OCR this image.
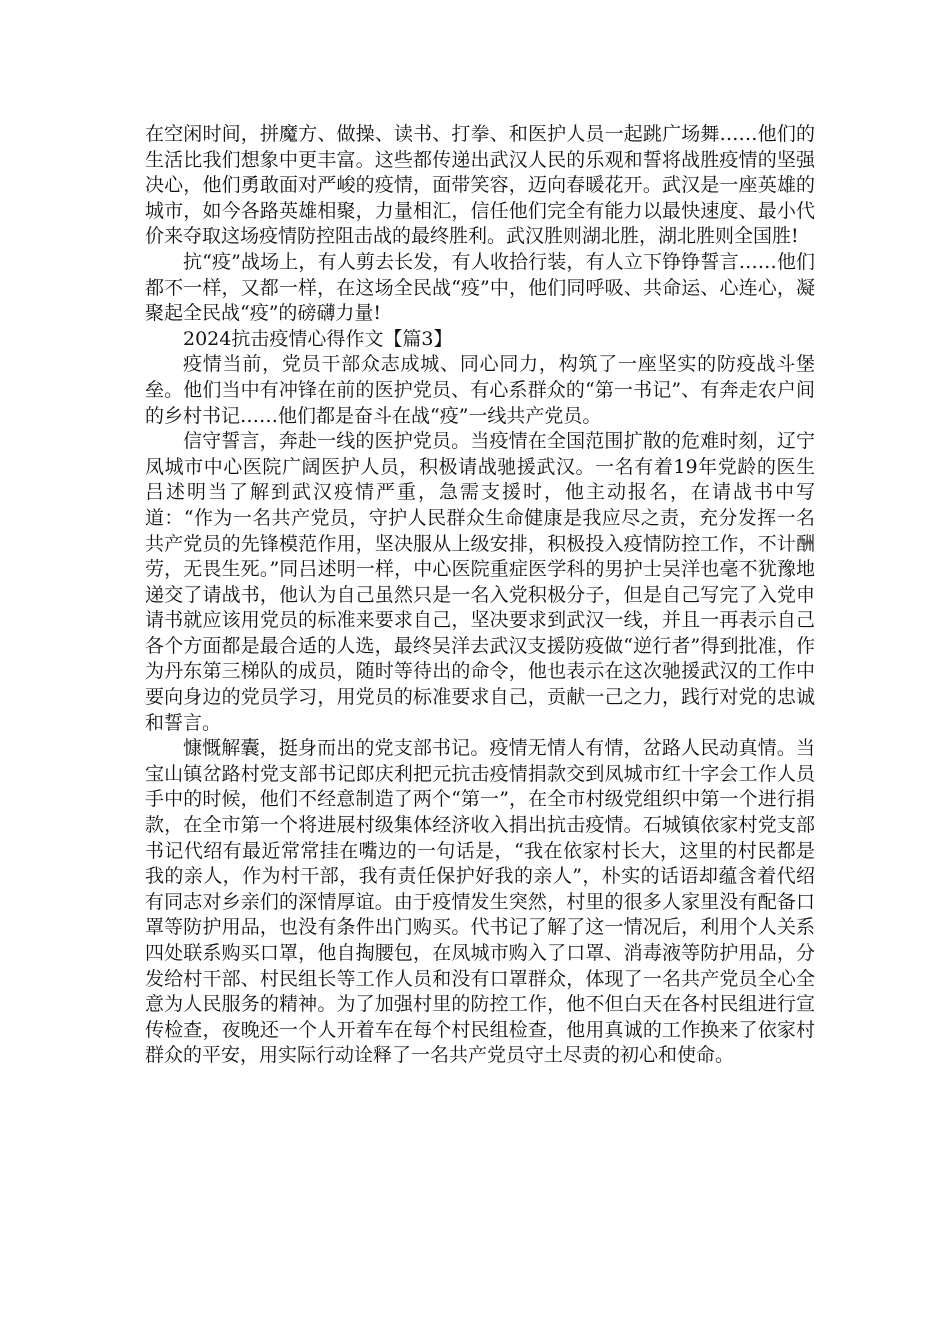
在空闲时间，拼魔方、做操、读书、打拳、和医护人员一起跳广场舞……他们的生活比我们想象中更丰富。这些都传递出武汉人民的乐观和誓将战胜疫情的坚强决心，他们勇敢面对严峻的疫情，面带笑容，迈向春暖花开。武汉是一座英雄的城市，如今各路英雄相聚，力量相汇，信任他们完全有能力以最快速度、最小代价来夺取这场疫情防控阻击战的最终胜利。武汉胜则湖北胜，湖北胜则全国胜!

抗“疫”战场上，有人剪去长发，有人收拾行装，有人立下铮铮誓言……他们都不一样，又都一样，在这场全民战“疫”中，他们同呼吸、共命运、心连心，凝聚起全民战“疫”的磅礴力量!

2024抗击疫情心得作文【篇3】

疫情当前，党员干部众志成城、同心同力，构筑了一座坚实的防疫战斗堡垒。他们当中有冲锋在前的医护党员、有心系群众的“第一书记”、有奔走农户间的乡村书记……他们都是奋斗在战“疫”一线共产党员。

信守誓言，奔赴一线的医护党员。当疫情在全国范围扩散的危难时刻，辽宁凤城市中心医院广阔医护人员，积极请战驰援武汉。一名有着19年党龄的医生吕述明当了解到武汉疫情严重，急需支援时，他主动报名，在请战书中写道：“作为一名共产党员，守护人民群众生命健康是我应尽之责，充分发挥一名共产党员的先锋模范作用，坚决服从上级安排，积极投入疫情防控工作，不计酬劳，无畏生死。”同吕述明一样，中心医院重症医学科的男护士吴洋也毫不犹豫地递交了请战书，他认为自己虽然只是一名入党积极分子，但是自己写完了入党申请书就应该用党员的标准来要求自己，坚决要求到武汉一线，并且一再表示自己各个方面都是最合适的人选，最终吴洋去武汉支援防疫做“逆行者”得到批准，作为丹东第三梯队的成员，随时等待出的命令，他也表示在这次驰援武汉的工作中要向身边的党员学习，用党员的标准要求自己，贡献一己之力，践行对党的忠诚和誓言。

慷慨解囊，挺身而出的党支部书记。疫情无情人有情，岔路人民动真情。当宝山镇岔路村党支部书记郎庆利把元抗击疫情捐款交到凤城市红十字会工作人员手中的时候，他们不经意制造了两个“第一”，在全市村级党组织中第一个进行捐款，在全市第一个将进展村级集体经济收入捐出抗击疫情。石城镇依家村党支部书记代绍有最近常常挂在嘴边的一句话是，“我在依家村长大，这里的村民都是我的亲人，作为村干部，我有责任保护好我的亲人”，朴实的话语却蕴含着代绍有同志对乡亲们的深情厚谊。由于疫情发生突然，村里的很多人家里没有配备口罩等防护用品，也没有条件出门购买。代书记了解了这一情况后，利用个人关系四处联系购买口罩，他自掏腰包，在凤城市购入了口罩、消毒液等防护用品，分发给村干部、村民组长等工作人员和没有口罩群众，体现了一名共产党员全心全意为人民服务的精神。为了加强村里的防控工作，他不但白天在各村民组进行宣传检查，夜晚还一个人开着车在每个村民组检查，他用真诚的工作换来了依家村群众的平安，用实际行动诠释了一名共产党员守土尽责的初心和使命。
